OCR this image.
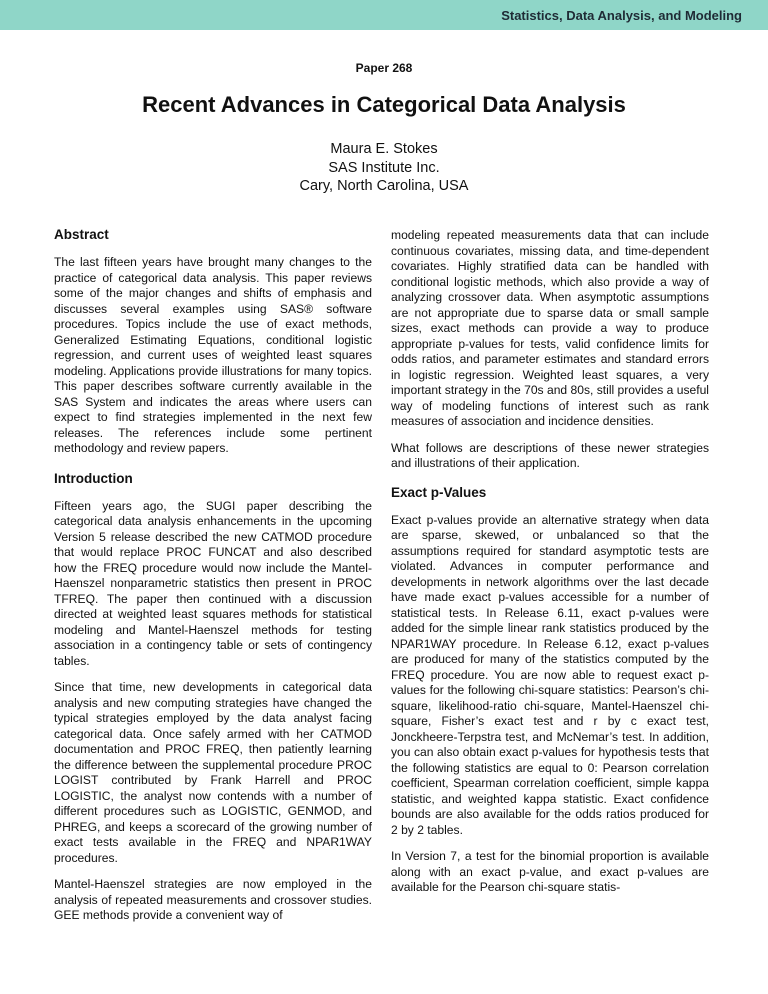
Statistics, Data Analysis, and Modeling
Paper 268
Recent Advances in Categorical Data Analysis
Maura E. Stokes
SAS Institute Inc.
Cary, North Carolina, USA
Abstract

The last fifteen years have brought many changes to the practice of categorical data analysis. This paper reviews some of the major changes and shifts of emphasis and discusses several examples using SAS® software procedures. Topics include the use of exact methods, Generalized Estimating Equations, conditional logistic regression, and current uses of weighted least squares modeling. Applications provide illustrations for many topics. This paper describes software currently available in the SAS System and indicates the areas where users can expect to find strategies implemented in the next few releases. The references include some pertinent methodology and review papers.

Introduction

Fifteen years ago, the SUGI paper describing the categorical data analysis enhancements in the upcoming Version 5 release described the new CATMOD procedure that would replace PROC FUNCAT and also described how the FREQ procedure would now include the Mantel-Haenszel nonparametric statistics then present in PROC TFREQ. The paper then continued with a discussion directed at weighted least squares methods for statistical modeling and Mantel-Haenszel methods for testing association in a contingency table or sets of contingency tables.

Since that time, new developments in categorical data analysis and new computing strategies have changed the typical strategies employed by the data analyst facing categorical data. Once safely armed with her CATMOD documentation and PROC FREQ, then patiently learning the difference between the supplemental procedure PROC LOGIST contributed by Frank Harrell and PROC LOGISTIC, the analyst now contends with a number of different procedures such as LOGISTIC, GENMOD, and PHREG, and keeps a scorecard of the growing number of exact tests available in the FREQ and NPAR1WAY procedures.

Mantel-Haenszel strategies are now employed in the analysis of repeated measurements and crossover studies. GEE methods provide a convenient way of

modeling repeated measurements data that can include continuous covariates, missing data, and time-dependent covariates. Highly stratified data can be handled with conditional logistic methods, which also provide a way of analyzing crossover data. When asymptotic assumptions are not appropriate due to sparse data or small sample sizes, exact methods can provide a way to produce appropriate p-values for tests, valid confidence limits for odds ratios, and parameter estimates and standard errors in logistic regression. Weighted least squares, a very important strategy in the 70s and 80s, still provides a useful way of modeling functions of interest such as rank measures of association and incidence densities.

What follows are descriptions of these newer strategies and illustrations of their application.

Exact p-Values

Exact p-values provide an alternative strategy when data are sparse, skewed, or unbalanced so that the assumptions required for standard asymptotic tests are violated. Advances in computer performance and developments in network algorithms over the last decade have made exact p-values accessible for a number of statistical tests. In Release 6.11, exact p-values were added for the simple linear rank statistics produced by the NPAR1WAY procedure. In Release 6.12, exact p-values are produced for many of the statistics computed by the FREQ procedure. You are now able to request exact p-values for the following chi-square statistics: Pearson’s chi-square, likelihood-ratio chi-square, Mantel-Haenszel chi-square, Fisher’s exact test and r by c exact test, Jonckheere-Terpstra test, and McNemar’s test. In addition, you can also obtain exact p-values for hypothesis tests that the following statistics are equal to 0: Pearson correlation coefficient, Spearman correlation coefficient, simple kappa statistic, and weighted kappa statistic. Exact confidence bounds are also available for the odds ratios produced for 2 by 2 tables.

In Version 7, a test for the binomial proportion is available along with an exact p-value, and exact p-values are available for the Pearson chi-square statis-
